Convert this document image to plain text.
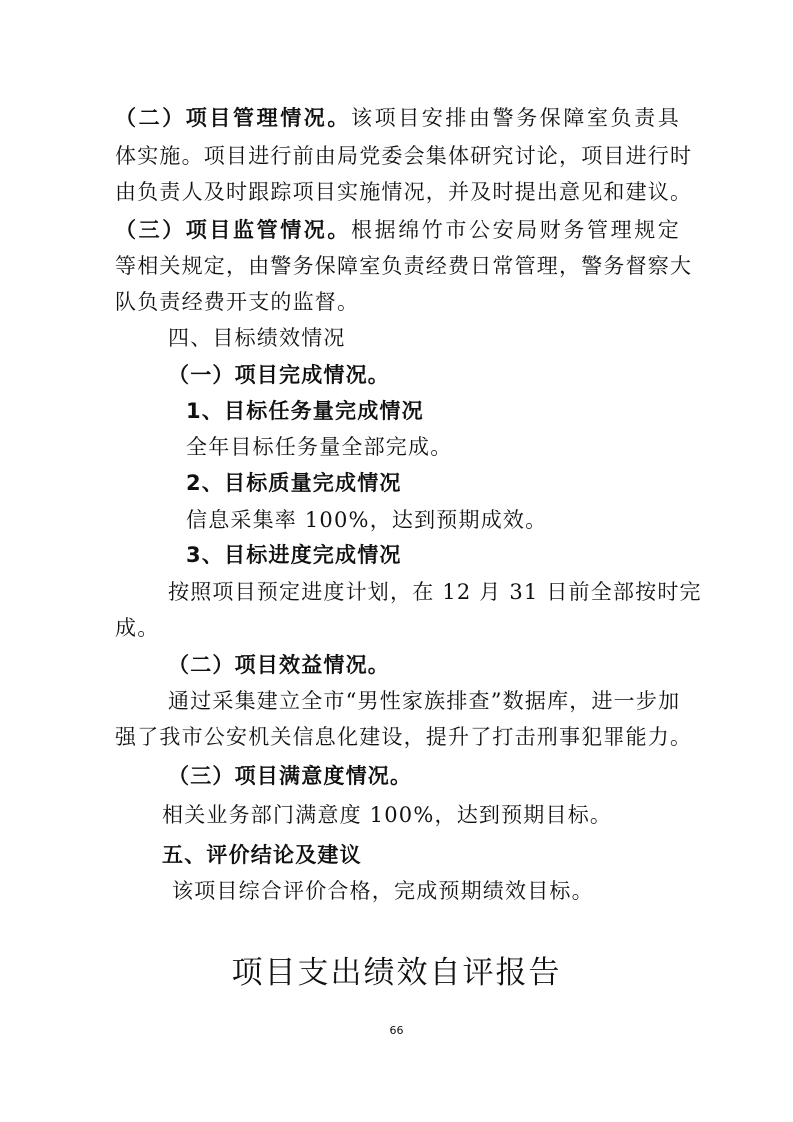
（二）项目管理情况。该项目安排由警务保障室负责具
体实施。项目进行前由局党委会集体研究讨论，项目进行时
由负责人及时跟踪项目实施情况，并及时提出意见和建议。
（三）项目监管情况。根据绵竹市公安局财务管理规定
等相关规定，由警务保障室负责经费日常管理，警务督察大
队负责经费开支的监督。
四、目标绩效情况
（一）项目完成情况。
1、目标任务量完成情况
全年目标任务量全部完成。
2、目标质量完成情况
信息采集率 100%，达到预期成效。
3、目标进度完成情况
按照项目预定进度计划，在 12 月 31 日前全部按时完
成。
（二）项目效益情况。
通过采集建立全市“男性家族排查”数据库，进一步加
强了我市公安机关信息化建设，提升了打击刑事犯罪能力。
（三）项目满意度情况。
相关业务部门满意度 100%，达到预期目标。
五、评价结论及建议
该项目综合评价合格，完成预期绩效目标。
项目支出绩效自评报告
66
